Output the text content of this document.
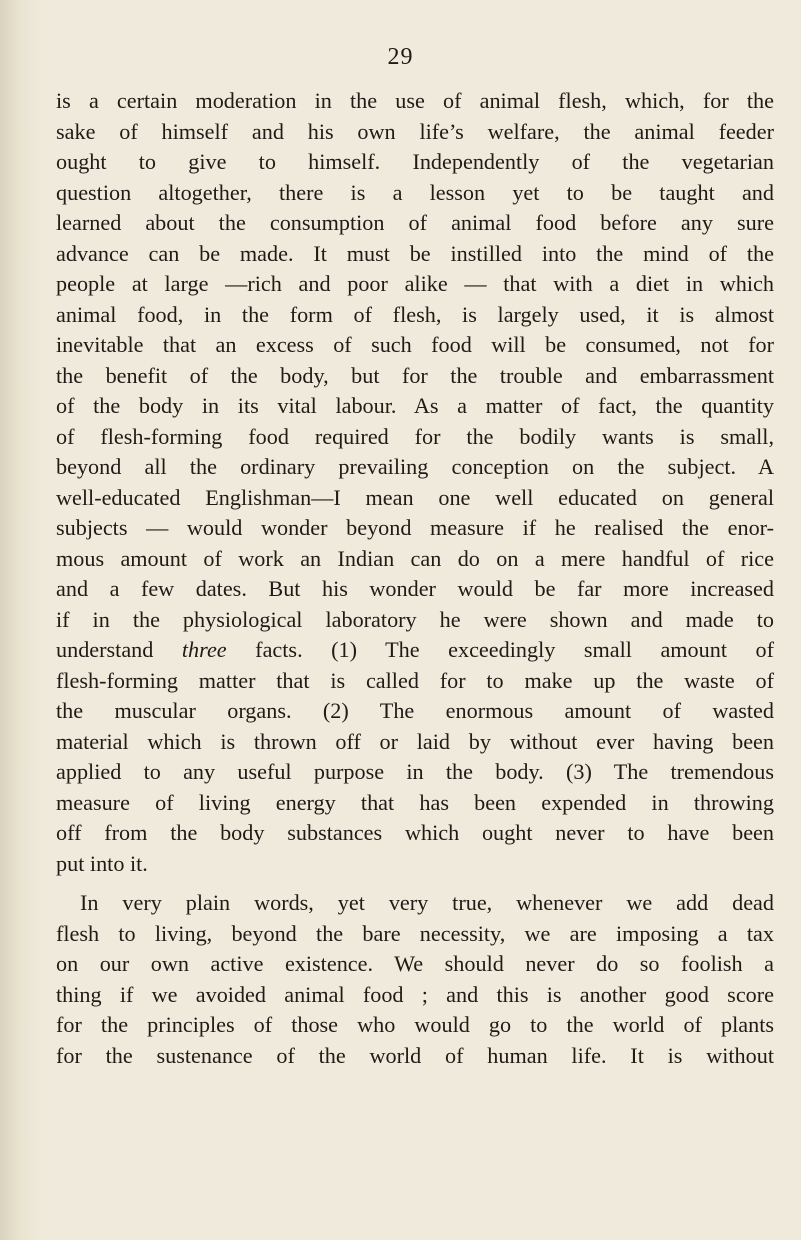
29
is a certain moderation in the use of animal flesh, which, for the
sake of himself and his own life’s welfare, the animal feeder
ought to give to himself. Independently of the vegetarian
question altogether, there is a lesson yet to be taught and
learned about the consumption of animal food before any sure
advance can be made. It must be instilled into the mind of the
people at large —rich and poor alike — that with a diet in which
animal food, in the form of flesh, is largely used, it is almost
inevitable that an excess of such food will be consumed, not for
the benefit of the body, but for the trouble and embarrassment
of the body in its vital labour. As a matter of fact, the quantity
of flesh-forming food required for the bodily wants is small,
beyond all the ordinary prevailing conception on the subject. A
well-educated Englishman—I mean one well educated on general
subjects — would wonder beyond measure if he realised the enor-
mous amount of work an Indian can do on a mere handful of rice
and a few dates. But his wonder would be far more increased
if in the physiological laboratory he were shown and made to
understand three facts. (1) The exceedingly small amount of
flesh-forming matter that is called for to make up the waste of
the muscular organs. (2) The enormous amount of wasted
material which is thrown off or laid by without ever having been
applied to any useful purpose in the body. (3) The tremendous
measure of living energy that has been expended in throwing
off from the body substances which ought never to have been
put into it.
In very plain words, yet very true, whenever we add dead
flesh to living, beyond the bare necessity, we are imposing a tax
on our own active existence. We should never do so foolish a
thing if we avoided animal food ; and this is another good score
for the principles of those who would go to the world of plants
for the sustenance of the world of human life. It is without
